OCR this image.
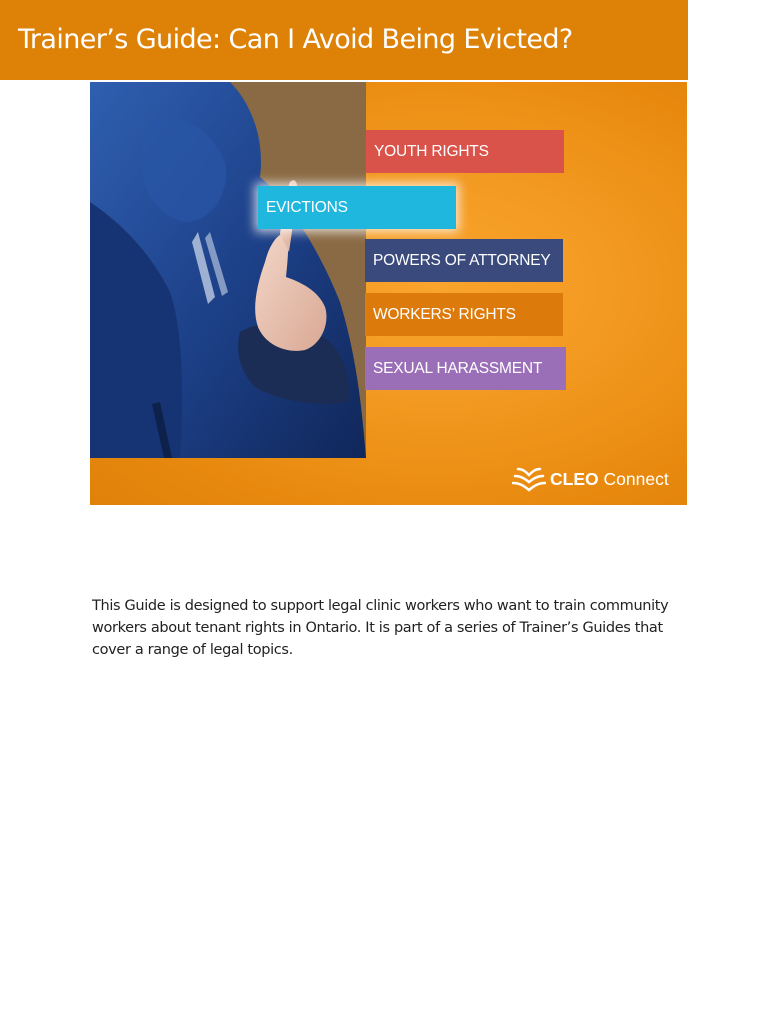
Trainer’s Guide: Can I Avoid Being Evicted?
YOUTH RIGHTS
EVICTIONS
POWERS OF ATTORNEY
WORKERS’ RIGHTS
SEXUAL HARASSMENT
CLEO Connect

This Guide is designed to support legal clinic workers who want to train community workers about tenant rights in Ontario. It is part of a series of Trainer’s Guides that cover a range of legal topics.
